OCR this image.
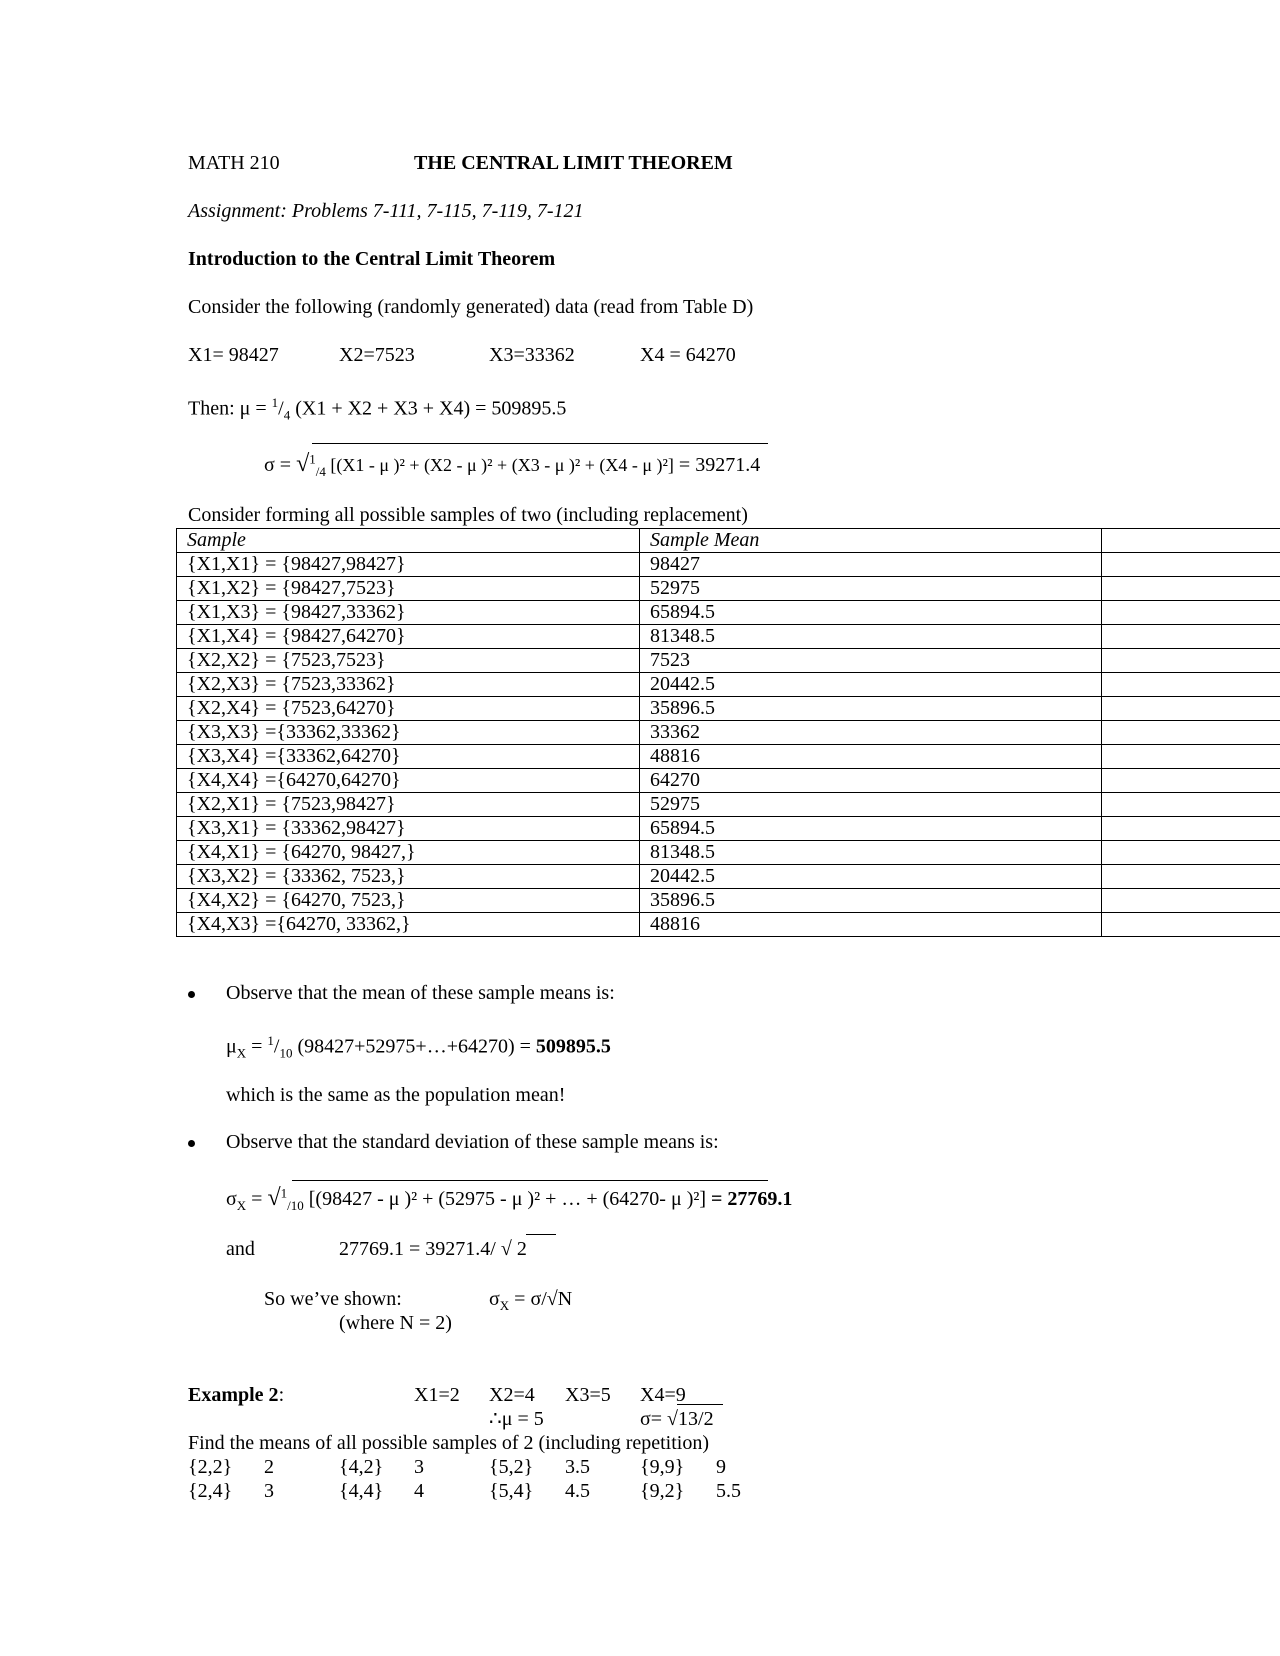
MATH 210	THE CENTRAL LIMIT THEOREM
Assignment: Problems 7-111, 7-115, 7-119, 7-121
Introduction to the Central Limit Theorem
Consider the following (randomly generated) data (read from Table D)
X1= 98427	X2=7523	X3=33362	X4 = 64270
Then: $\mu = ^1/_4$ (X1 + X2 + X3 + X4) = 509895.5
σ = √$^1_{/4}$ [(X1 - μ )² + (X2 - μ )² + (X3 - μ )² + (X4 - μ )²] = 39271.4
Consider forming all possible samples of two (including replacement)
Sample	Sample Mean	
{X1,X1} = {98427,98427}	98427	
{X1,X2} = {98427,7523}	52975	
{X1,X3} = {98427,33362}	65894.5	
{X1,X4} = {98427,64270}	81348.5	
{X2,X2} = {7523,7523}	7523	
{X2,X3} = {7523,33362}	20442.5	
{X2,X4} = {7523,64270}	35896.5	
{X3,X3} ={33362,33362}	33362	
{X3,X4} ={33362,64270}	48816	
{X4,X4} ={64270,64270}	64270	
{X2,X1} = {7523,98427}	52975	
{X3,X1} = {33362,98427}	65894.5	
{X4,X1} = {64270, 98427,}	81348.5	
{X3,X2} = {33362, 7523,}	20442.5	
{X4,X2} = {64270, 7523,}	35896.5	
{X4,X3} ={64270, 33362,}	48816	
Observe that the mean of these sample means is:
$\mu_X = ^1/_{10}$ (98427+52975+…+64270) = 509895.5
which is the same as the population mean!
Observe that the standard deviation of these sample means is:
$\sigma_X = √^1_{/10}$ [(98427 - μ )² + (52975 - μ )² + … + (64270- μ )²] = 27769.1
and	27769.1 = 39271.4/ √ 2
So we’ve shown:	$\sigma_X = \sigma/√N$
(where N = 2)
Example 2:	X1=2 X2=4 X3=5 X4=9
∴μ = 5	σ= √13/2
Find the means of all possible samples of 2 (including repetition)
{2,2} 2	{4,2} 3	{5,2} 3.5	{9,9} 9
{2,4} 3	{4,4} 4	{5,4} 4.5	{9,2} 5.5
